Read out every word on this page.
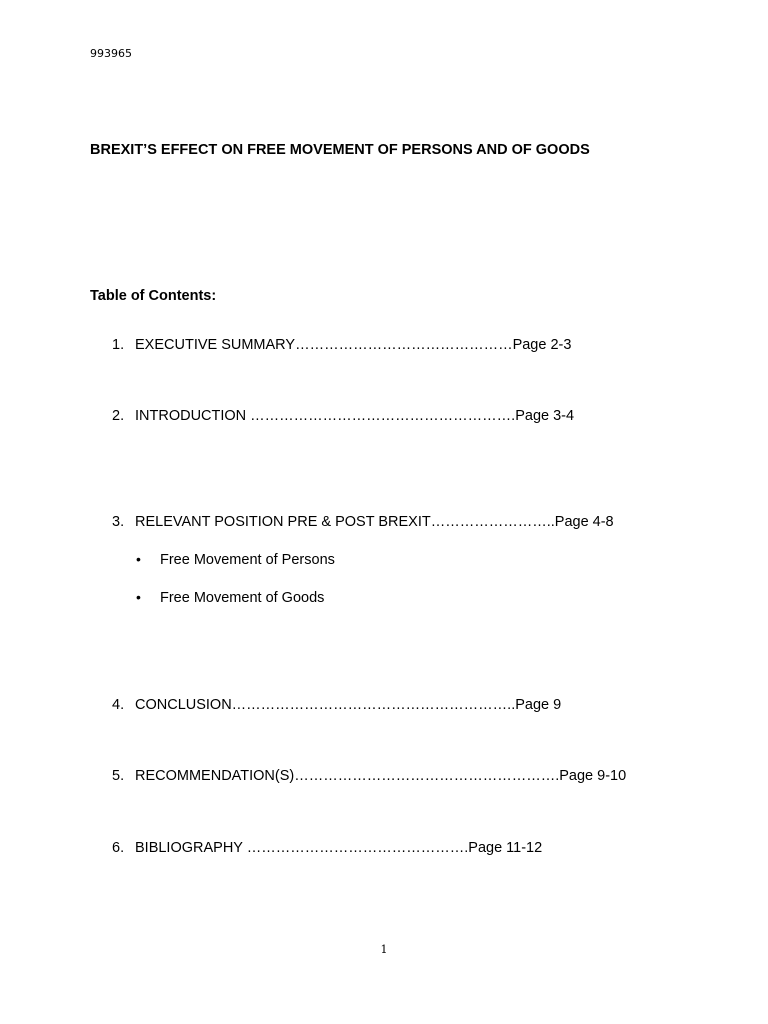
993965
BREXIT’S EFFECT ON FREE MOVEMENT OF PERSONS AND OF GOODS
Table of Contents:
1. EXECUTIVE SUMMARY………………………………………Page 2-3
2. INTRODUCTION ……………………………………………….Page 3-4
3. RELEVANT POSITION PRE & POST BREXIT……………………..Page 4-8
• Free Movement of Persons
• Free Movement of Goods
4. CONCLUSION…………………………………………………..Page 9
5. RECOMMENDATION(S)……………………………………………….Page 9-10
6. BIBLIOGRAPHY ……………………………………….Page 11-12
1
